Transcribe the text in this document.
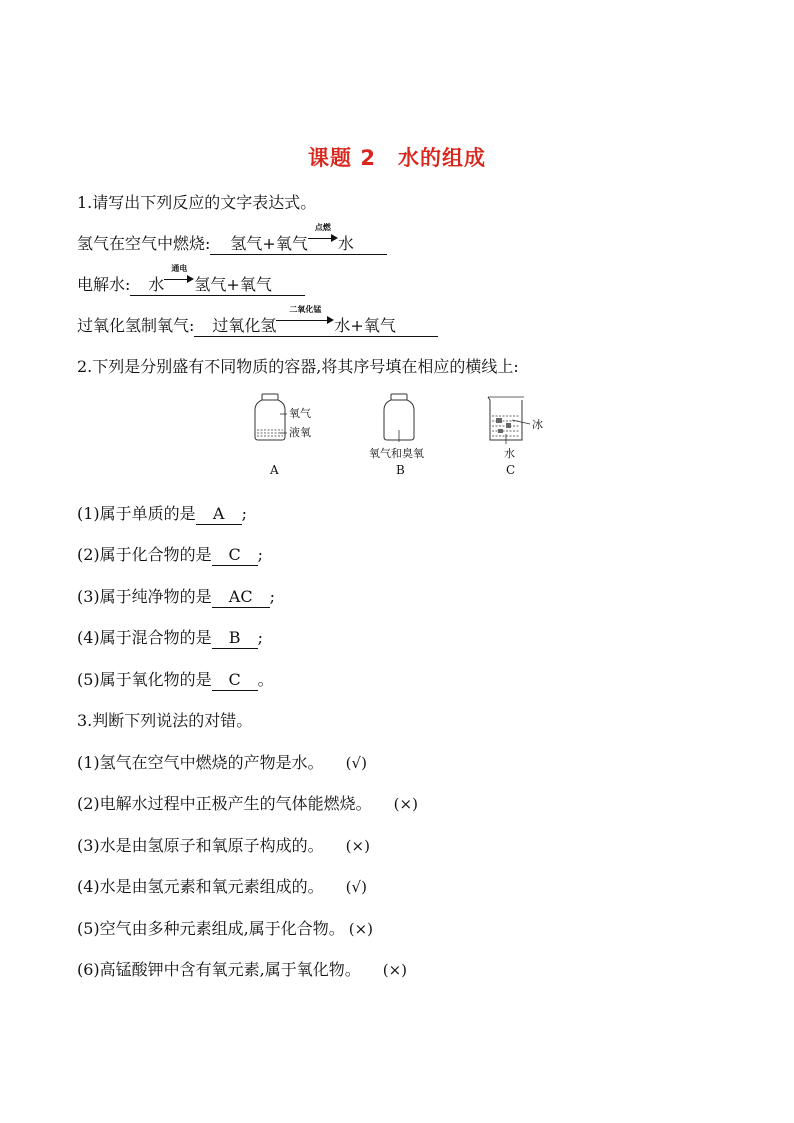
课题 2 水的组成
1.请写出下列反应的文字表达式。
氢气在空气中燃烧: 氢气+氧气
点燃
水
电解水: 水
通电
氢气+氧气
过氧化氢制氧气: 过氧化氢
二氧化锰
水+氧气
2.下列是分别盛有不同物质的容器,将其序号填在相应的横线上:
氧气
液氧
氧气和臭氧
冰
水
A	B	C
(1)属于单质的是 A ;
(2)属于化合物的是 C ;
(3)属于纯净物的是 AC ;
(4)属于混合物的是 B ;
(5)属于氧化物的是 C 。
3.判断下列说法的对错。
(1)氢气在空气中燃烧的产物是水。 (√)
(2)电解水过程中正极产生的气体能燃烧。 (×)
(3)水是由氢原子和氧原子构成的。 (×)
(4)水是由氢元素和氧元素组成的。 (√)
(5)空气由多种元素组成,属于化合物。 (×)
(6)高锰酸钾中含有氧元素,属于氧化物。 (×)
